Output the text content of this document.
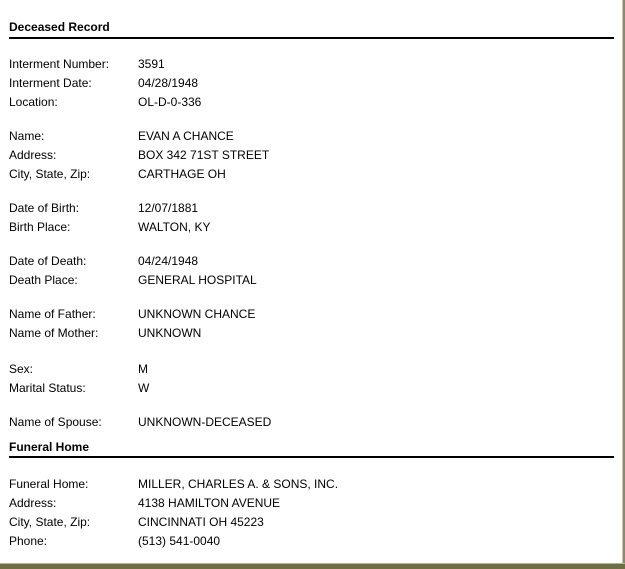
Deceased Record
Interment Number: 3591
Interment Date:	04/28/1948
Location:	OL-D-0-336
Name:	EVAN A CHANCE
Address:	BOX 342 71ST STREET
City, State, Zip:	CARTHAGE OH
Date of Birth:	12/07/1881
Birth Place:	WALTON, KY
Date of Death:	04/24/1948
Death Place:	GENERAL HOSPITAL
Name of Father:	UNKNOWN CHANCE
Name of Mother:	UNKNOWN
Sex:	M
Marital Status:	W
Name of Spouse:	UNKNOWN-DECEASED
Funeral Home
Funeral Home:	MILLER, CHARLES A. & SONS, INC.
Address:	4138 HAMILTON AVENUE
City, State, Zip:	CINCINNATI OH 45223
Phone:	(513) 541-0040
